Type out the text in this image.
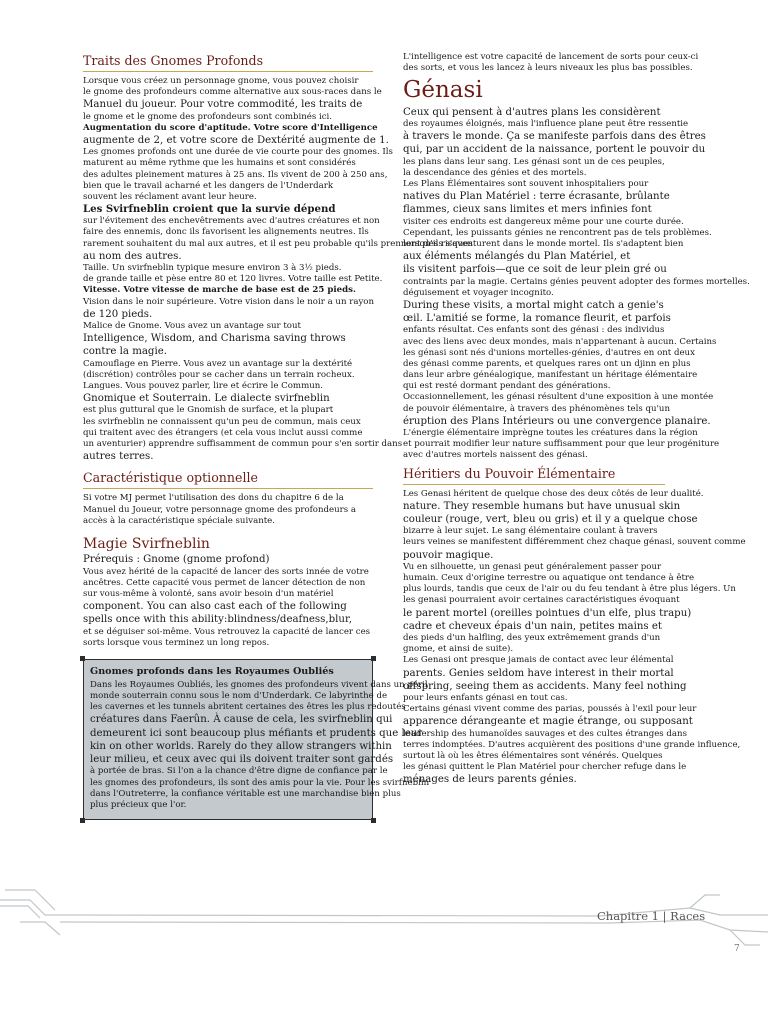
Traits des Gnomes Profonds
Lorsque vous créez un personnage gnome, vous pouvez choisir
le gnome des profondeurs comme alternative aux sous-races dans le
Manuel du joueur. Pour votre commodité, les traits de
le gnome et le gnome des profondeurs sont combinés ici.
Augmentation du score d'aptitude. Votre score d'Intelligence
augmente de 2, et votre score de Dextérité augmente de 1.
Les gnomes profonds ont une durée de vie courte pour des gnomes. Ils
maturent au même rythme que les humains et sont considérés
des adultes pleinement matures à 25 ans. Ils vivent de 200 à 250 ans,
bien que le travail acharné et les dangers de l'Underdark
souvent les réclament avant leur heure.
Les Svirfneblin croient que la survie dépend
sur l'évitement des enchevêtrements avec d'autres créatures et non
faire des ennemis, donc ils favorisent les alignements neutres. Ils
rarement souhaitent du mal aux autres, et il est peu probable qu'ils prennent des risques
au nom des autres.
Taille. Un svirfneblin typique mesure environ 3 à 3½ pieds.
de grande taille et pèse entre 80 et 120 livres. Votre taille est Petite.
Vitesse. Votre vitesse de marche de base est de 25 pieds.
Vision dans le noir supérieure. Votre vision dans le noir a un rayon
de 120 pieds.
Malice de Gnome. Vous avez un avantage sur tout
Intelligence, Wisdom, and Charisma saving throws
contre la magie.
Camouflage en Pierre. Vous avez un avantage sur la dextérité
(discrétion) contrôles pour se cacher dans un terrain rocheux.
Langues. Vous pouvez parler, lire et écrire le Commun.
Gnomique et Souterrain. Le dialecte svirfneblin
est plus guttural que le Gnomish de surface, et la plupart
les svirfneblin ne connaissent qu'un peu de commun, mais ceux
qui traitent avec des étrangers (et cela vous inclut aussi comme
un aventurier) apprendre suffisamment de commun pour s'en sortir dans
autres terres.
Caractéristique optionnelle
Si votre MJ permet l'utilisation des dons du chapitre 6 de la
Manuel du Joueur, votre personnage gnome des profondeurs a
accès à la caractéristique spéciale suivante.
Magie Svirfneblin
Prérequis : Gnome (gnome profond)
Vous avez hérité de la capacité de lancer des sorts innée de votre
ancêtres. Cette capacité vous permet de lancer détection de non
sur vous-même à volonté, sans avoir besoin d'un matériel
component. You can also cast each of the following
spells once with this ability:blindness/deafness,blur,
et se déguiser soi-même. Vous retrouvez la capacité de lancer ces
sorts lorsque vous terminez un long repos.
Gnomes profonds dans les Royaumes Oubliés
Dans les Royaumes Oubliés, les gnomes des profondeurs vivent dans un péril
monde souterrain connu sous le nom d'Underdark. Ce labyrinthe de
les cavernes et les tunnels abritent certaines des êtres les plus redoutés
créatures dans Faerûn. À cause de cela, les svirfneblin qui
demeurent ici sont beaucoup plus méfiants et prudents que leur
kin on other worlds. Rarely do they allow strangers within
leur milieu, et ceux avec qui ils doivent traiter sont gardés
à portée de bras. Si l'on a la chance d'être digne de confiance par le
les gnomes des profondeurs, ils sont des amis pour la vie. Pour les svirfneblin
dans l'Outreterre, la confiance véritable est une marchandise bien plus
plus précieux que l'or.
L'intelligence est votre capacité de lancement de sorts pour ceux-ci
des sorts, et vous les lancez à leurs niveaux les plus bas possibles.
Génasi
Ceux qui pensent à d'autres plans les considèrent
des royaumes éloignés, mais l'influence plane peut être ressentie
à travers le monde. Ça se manifeste parfois dans des êtres
qui, par un accident de la naissance, portent le pouvoir du
les plans dans leur sang. Les génasi sont un de ces peuples,
la descendance des génies et des mortels.
Les Plans Élémentaires sont souvent inhospitaliers pour
natives du Plan Matériel : terre écrasante, brûlante
flammes, cieux sans limites et mers infinies font
visiter ces endroits est dangereux même pour une courte durée.
Cependant, les puissants génies ne rencontrent pas de tels problèmes.
lorsqu'ils s'aventurent dans le monde mortel. Ils s'adaptent bien
aux éléments mélangés du Plan Matériel, et
ils visitent parfois—que ce soit de leur plein gré ou
contraints par la magie. Certains génies peuvent adopter des formes mortelles.
déguisement et voyager incognito.
During these visits, a mortal might catch a genie's
œil. L'amitié se forme, la romance fleurit, et parfois
enfants résultat. Ces enfants sont des génasi : des individus
avec des liens avec deux mondes, mais n'appartenant à aucun. Certains
les génasi sont nés d'unions mortelles-génies, d'autres en ont deux
des génasi comme parents, et quelques rares ont un djinn en plus
dans leur arbre généalogique, manifestant un héritage élémentaire
qui est resté dormant pendant des générations.
Occasionnellement, les génasi résultent d'une exposition à une montée
de pouvoir élémentaire, à travers des phénomènes tels qu'un
éruption des Plans Intérieurs ou une convergence planaire.
L'énergie élémentaire imprègne toutes les créatures dans la région
et pourrait modifier leur nature suffisamment pour que leur progéniture
avec d'autres mortels naissent des génasi.
Héritiers du Pouvoir Élémentaire
Les Genasi héritent de quelque chose des deux côtés de leur dualité.
nature. They resemble humans but have unusual skin
couleur (rouge, vert, bleu ou gris) et il y a quelque chose
bizarre à leur sujet. Le sang élémentaire coulant à travers
leurs veines se manifestent différemment chez chaque génasi, souvent comme
pouvoir magique.
Vu en silhouette, un genasi peut généralement passer pour
humain. Ceux d'origine terrestre ou aquatique ont tendance à être
plus lourds, tandis que ceux de l'air ou du feu tendant à être plus légers. Un
les genasi pourraient avoir certaines caractéristiques évoquant
le parent mortel (oreilles pointues d'un elfe, plus trapu)
cadre et cheveux épais d'un nain, petites mains et
des pieds d'un halfling, des yeux extrêmement grands d'un
gnome, et ainsi de suite).
Les Genasi ont presque jamais de contact avec leur élémental
parents. Genies seldom have interest in their mortal
offspring, seeing them as accidents. Many feel nothing
pour leurs enfants génasi en tout cas.
Certains génasi vivent comme des parias, poussés à l'exil pour leur
apparence dérangeante et magie étrange, ou supposant
leadership des humanoïdes sauvages et des cultes étranges dans
terres indomptées. D'autres acquièrent des positions d'une grande influence,
surtout là où les êtres élémentaires sont vénérés. Quelques
les génasi quittent le Plan Matériel pour chercher refuge dans le
ménages de leurs parents génies.
Chapitre 1 | Races
7
